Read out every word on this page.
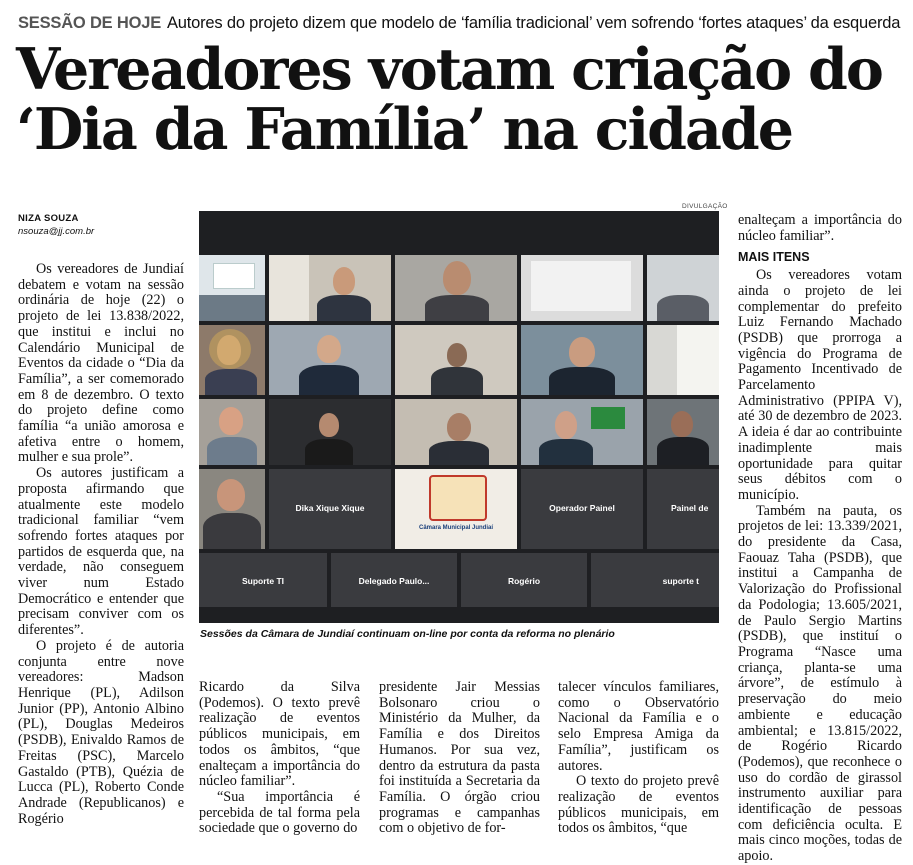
SESSÃO DE HOJE Autores do projeto dizem que modelo de ‘família tradicional’ vem sofrendo ‘fortes ataques’ da esquerda
Vereadores votam criação do
‘Dia da Família’ na cidade
NIZA SOUZA
nsouza@jj.com.br

Os vereadores de Jundiaí debatem e votam na sessão ordinária de hoje (22) o projeto de lei 13.838/2022, que institui e inclui no Calendário Municipal de Eventos da cidade o “Dia da Família”, a ser comemorado em 8 de dezembro. O texto do projeto define como família “a união amorosa e afetiva entre o homem, mulher e sua prole”.

Os autores justificam a proposta afirmando que atualmente este modelo tradicional familiar “vem sofrendo fortes ataques por partidos de esquerda que, na verdade, não conseguem viver num Estado Democrático e entender que precisam conviver com os diferentes”.

O projeto é de autoria conjunta entre nove vereadores: Madson Henrique (PL), Adilson Junior (PP), Antonio Albino (PL), Douglas Medeiros (PSDB), Enivaldo Ramos de Freitas (PSC), Marcelo Gastaldo (PTB), Quézia de Lucca (PL), Roberto Conde Andrade (Republicanos) e Rogério

DIVULGAÇÃO
Dika Xique Xique
Câmara Municipal Jundiaí
Operador Painel	Painel de
Suporte TI	Delegado Paulo...	Rogério	suporte t
Sessões da Câmara de Jundiaí continuam on-line por conta da reforma no plenário

Ricardo da Silva (Podemos). O texto prevê realização de eventos públicos municipais, em todos os âmbitos, “que enalteçam a importância do núcleo familiar”.

“Sua importância é percebida de tal forma pela sociedade que o governo do

presidente Jair Messias Bolsonaro criou o Ministério da Mulher, da Família e dos Direitos Humanos. Por sua vez, dentro da estrutura da pasta foi instituída a Secretaria da Família. O órgão criou programas e campanhas com o objetivo de for-

talecer vínculos familiares, como o Observatório Nacional da Família e o selo Empresa Amiga da Família”, justificam os autores.

O texto do projeto prevê realização de eventos públicos municipais, em todos os âmbitos, “que

enalteçam a importância do núcleo familiar”.

MAIS ITENS

Os vereadores votam ainda o projeto de lei complementar do prefeito Luiz Fernando Machado (PSDB) que prorroga a vigência do Programa de Pagamento Incentivado de Parcelamento Administrativo (PPIPA V), até 30 de dezembro de 2023. A ideia é dar ao contribuinte inadimplente mais oportunidade para quitar seus débitos com o município.

Também na pauta, os projetos de lei: 13.339/2021, do presidente da Casa, Faouaz Taha (PSDB), que institui a Campanha de Valorização do Profissional da Podologia; 13.605/2021, de Paulo Sergio Martins (PSDB), que instituí o Programa “Nasce uma criança, planta-se uma árvore”, de estímulo à preservação do meio ambiente e educação ambiental; e 13.815/2022, de Rogério Ricardo (Podemos), que reconhece o uso do cordão de girassol instrumento auxiliar para identificação de pessoas com deficiência oculta. E mais cinco moções, todas de apoio.
